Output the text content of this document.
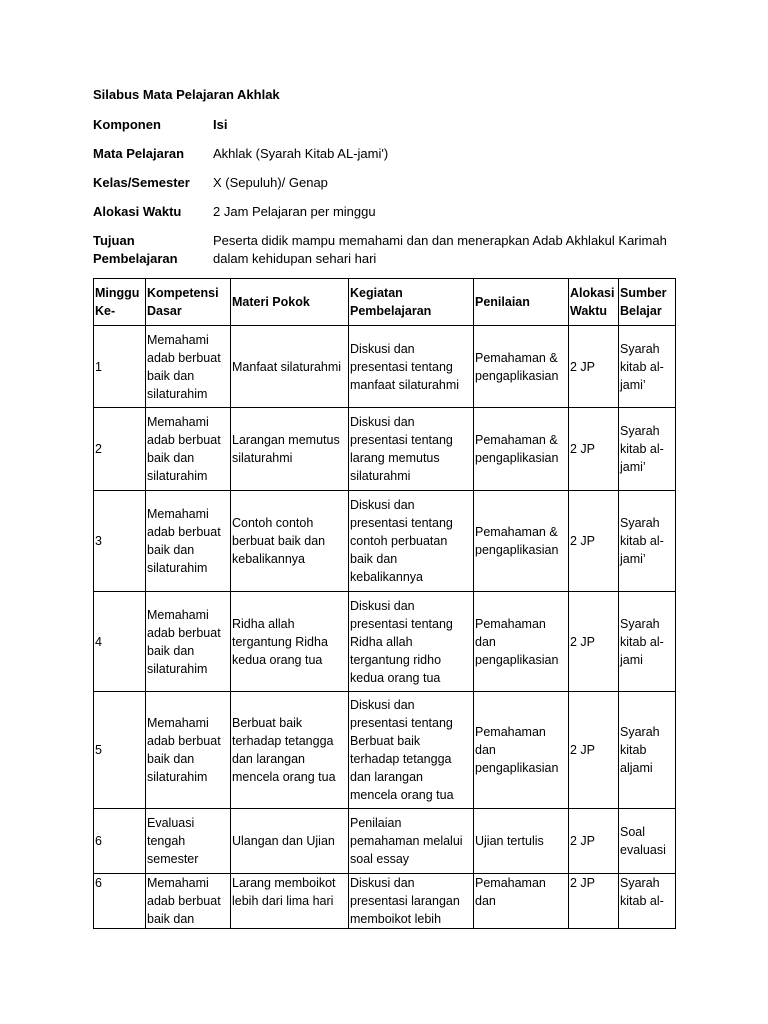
Silabus Mata Pelajaran Akhlak
Komponen	Isi
Mata Pelajaran	Akhlak (Syarah Kitab AL-jami')
Kelas/Semester	X (Sepuluh)/ Genap
Alokasi Waktu	2 Jam Pelajaran per minggu
Tujuan Pembelajaran
Peserta didik mampu memahami dan dan menerapkan Adab Akhlakul Karimah dalam kehidupan sehari hari
Minggu Ke-	Kompetensi Dasar	Materi Pokok	Kegiatan Pembelajaran	Penilaian	Alokasi Waktu	Sumber Belajar
1	Memahami adab berbuat baik dan silaturahim	Manfaat silaturahmi	Diskusi dan presentasi tentang manfaat silaturahmi	Pemahaman & pengaplikasian	2 JP	Syarah kitab al-jami’
2	Memahami adab berbuat baik dan silaturahim	Larangan memutus silaturahmi	Diskusi dan presentasi tentang larang memutus silaturahmi	Pemahaman & pengaplikasian	2 JP	Syarah kitab al-jami’
3	Memahami adab berbuat baik dan silaturahim	Contoh contoh berbuat baik dan kebalikannya	Diskusi dan presentasi tentang contoh perbuatan baik dan kebalikannya	Pemahaman & pengaplikasian	2 JP	Syarah kitab al-jami’
4	Memahami adab berbuat baik dan silaturahim	Ridha allah tergantung Ridha kedua orang tua	Diskusi dan presentasi tentang Ridha allah tergantung ridho kedua orang tua	Pemahaman dan pengaplikasian	2 JP	Syarah kitab al-jami
5	Memahami adab berbuat baik dan silaturahim	Berbuat baik terhadap tetangga dan larangan mencela orang tua	Diskusi dan presentasi tentang Berbuat baik terhadap tetangga dan larangan mencela orang tua	Pemahaman dan pengaplikasian	2 JP	Syarah kitab aljami
6	Evaluasi tengah semester	Ulangan dan Ujian	Penilaian pemahaman melalui soal essay	Ujian tertulis	2 JP	Soal evaluasi
6	Memahami adab berbuat baik dan	Larang memboikot lebih dari lima hari	Diskusi dan presentasi larangan memboikot lebih	Pemahaman dan	2 JP	Syarah kitab al-
